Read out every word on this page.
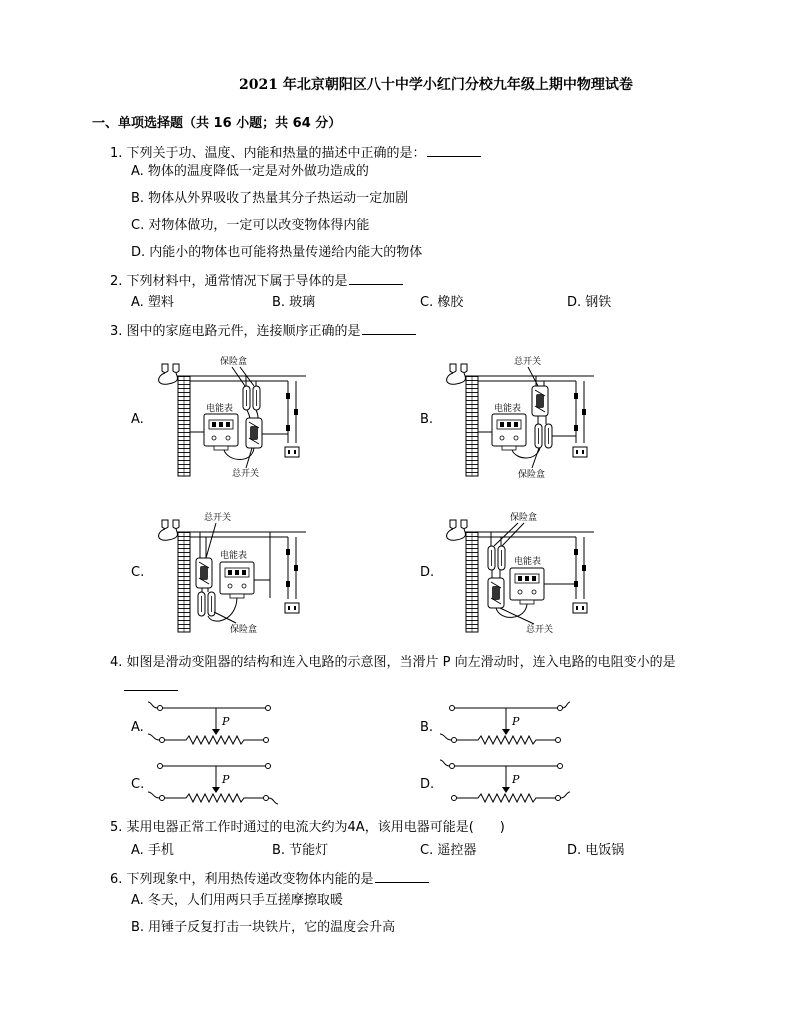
2021 年北京朝阳区八十中学小红门分校九年级上期中物理试卷
一、单项选择题（共 16 小题；共 64 分）
1. 下列关于功、温度、内能和热量的描述中正确的是：
A. 物体的温度降低一定是对外做功造成的
B. 物体从外界吸收了热量其分子热运动一定加剧
C. 对物体做功，一定可以改变物体得内能
D. 内能小的物体也可能将热量传递给内能大的物体
2. 下列材料中，通常情况下属于导体的是
A. 塑料	B. 玻璃	C. 橡胶	D. 钢铁
3. 图中的家庭电路元件，连接顺序正确的是
A.
保险盒
电能表
总开关
B.
总开关
电能表
保险盒
C.
总开关
电能表
保险盒
D.
保险盒
电能表
总开关
4. 如图是滑动变阻器的结构和连入电路的示意图，当滑片 P 向左滑动时，连入电路的电阻变小的是
A.	P	B.	P
C.	P	D.	P
5. 某用电器正常工作时通过的电流大约为4A，该用电器可能是(　　)
A. 手机	B. 节能灯	C. 遥控器	D. 电饭锅
6. 下列现象中，利用热传递改变物体内能的是
A. 冬天，人们用两只手互搓摩擦取暖
B. 用锤子反复打击一块铁片，它的温度会升高
